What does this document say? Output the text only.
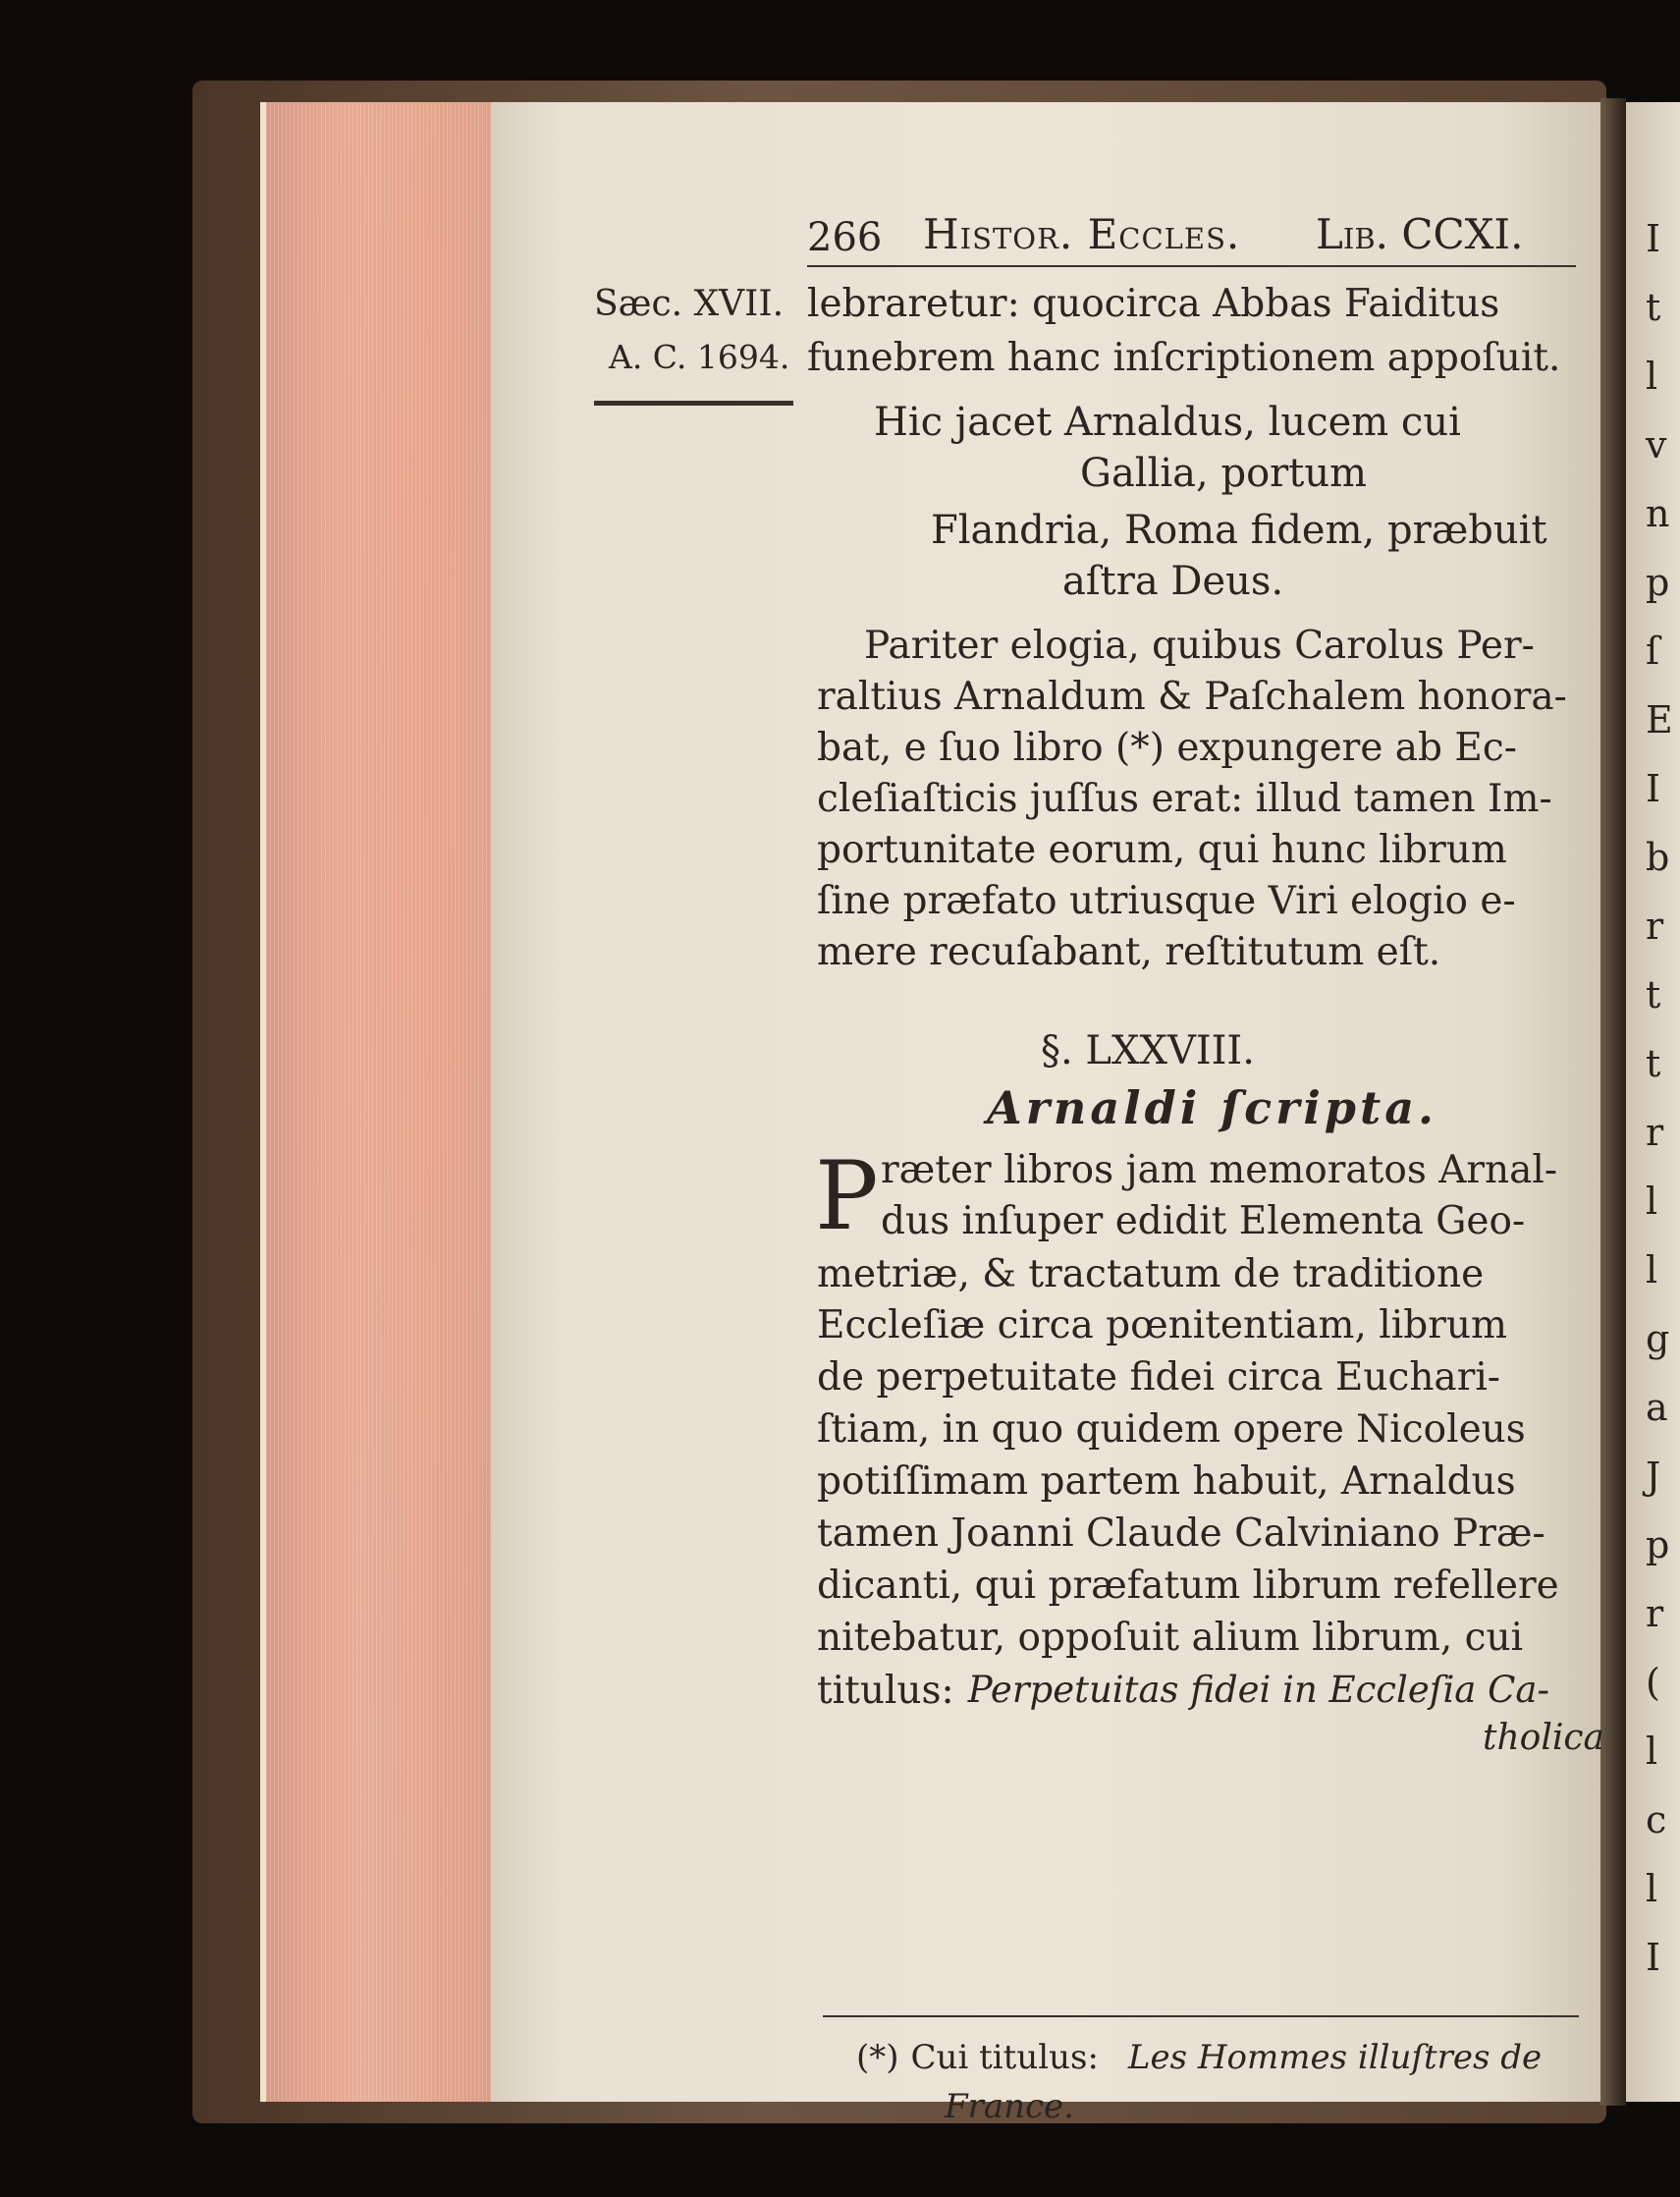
I
t
l
v
n
p
ſ
E
I
b
r
t
t
r
l
l
g
a
J
p
r
(
l
c
l
I
266 Histor. Eccles. Lib. CCXI.
Sæc. XVII.
A. C. 1694.
lebraretur: quocirca Abbas Faiditus
funebrem hanc inſcriptionem appoſuit.
Hic jacet Arnaldus, lucem cui
Gallia, portum
Flandria, Roma fidem, præbuit
aſtra Deus.
Pariter elogia, quibus Carolus Per-
raltius Arnaldum & Paſchalem honora-
bat, e ſuo libro (*) expungere ab Ec-
cleſiaſticis juſſus erat: illud tamen Im-
portunitate eorum, qui hunc librum
ſine præfato utriusque Viri elogio e-
mere recuſabant, reſtitutum eſt.
§. LXXVIII.
Arnaldi ſcripta.
P ræter libros jam memoratos Arnal-
dus inſuper edidit Elementa Geo-
metriæ, & tractatum de traditione
Eccleſiæ circa pœnitentiam, librum
de perpetuitate fidei circa Euchari-
ſtiam, in quo quidem opere Nicoleus
potiſſimam partem habuit, Arnaldus
tamen Joanni Claude Calviniano Præ-
dicanti, qui præfatum librum refellere
nitebatur, oppoſuit alium librum, cui
titulus: Perpetuitas fidei in Eccleſia Ca-
tholica
(*) Cui titulus: Les Hommes illuſtres de
France.
